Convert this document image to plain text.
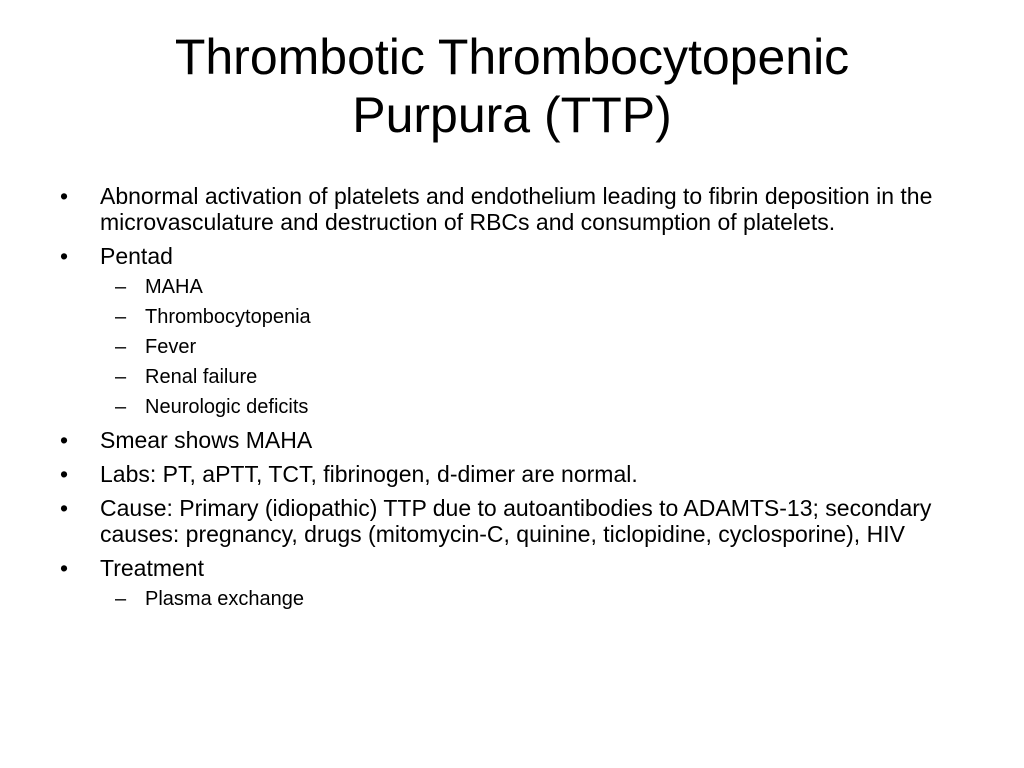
Thrombotic Thrombocytopenic
Purpura (TTP)
•	Abnormal activation of platelets and endothelium leading to fibrin deposition in the microvasculature and destruction of RBCs and consumption of platelets.
•	Pentad
– MAHA
– Thrombocytopenia
– Fever
– Renal failure
– Neurologic deficits
•	Smear shows MAHA
•	Labs: PT, aPTT, TCT, fibrinogen, d-dimer are normal.
•	Cause: Primary (idiopathic) TTP due to autoantibodies to ADAMTS-13; secondary causes: pregnancy, drugs (mitomycin-C, quinine, ticlopidine, cyclosporine), HIV
•	Treatment
– Plasma exchange
